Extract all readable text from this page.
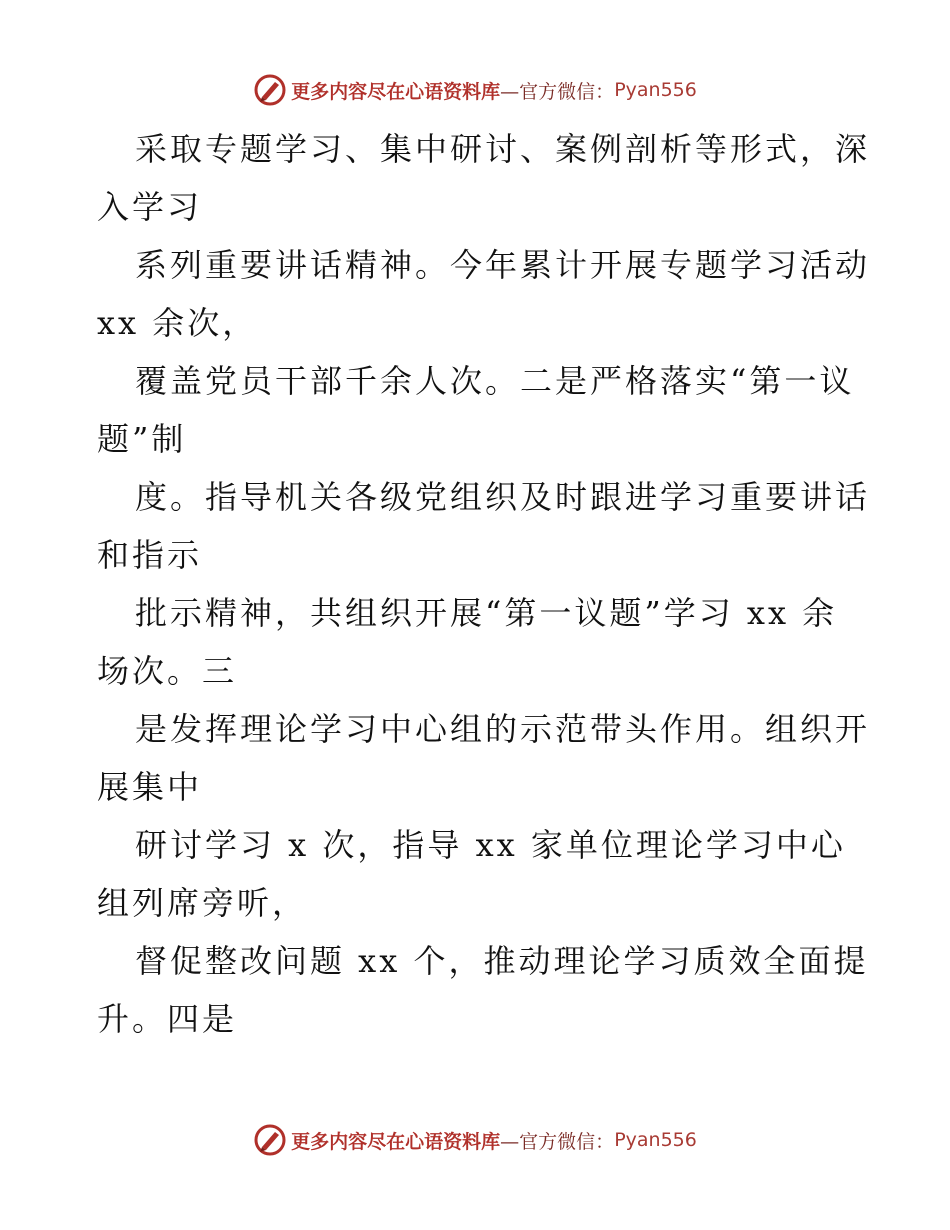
更多内容尽在心语资料库 —官方微信： Pyan556
采取专题学习、集中研讨、案例剖析等形式，深
入学习
系列重要讲话精神。今年累计开展专题学习活动
xx 余次，
覆盖党员干部千余人次。二是严格落实“第一议
题”制
度。指导机关各级党组织及时跟进学习重要讲话
和指示
批示精神，共组织开展“第一议题”学习 xx 余
场次。三
是发挥理论学习中心组的示范带头作用。组织开
展集中
研讨学习 x 次，指导 xx 家单位理论学习中心
组列席旁听，
督促整改问题 xx 个，推动理论学习质效全面提
升。四是
更多内容尽在心语资料库 —官方微信： Pyan556
